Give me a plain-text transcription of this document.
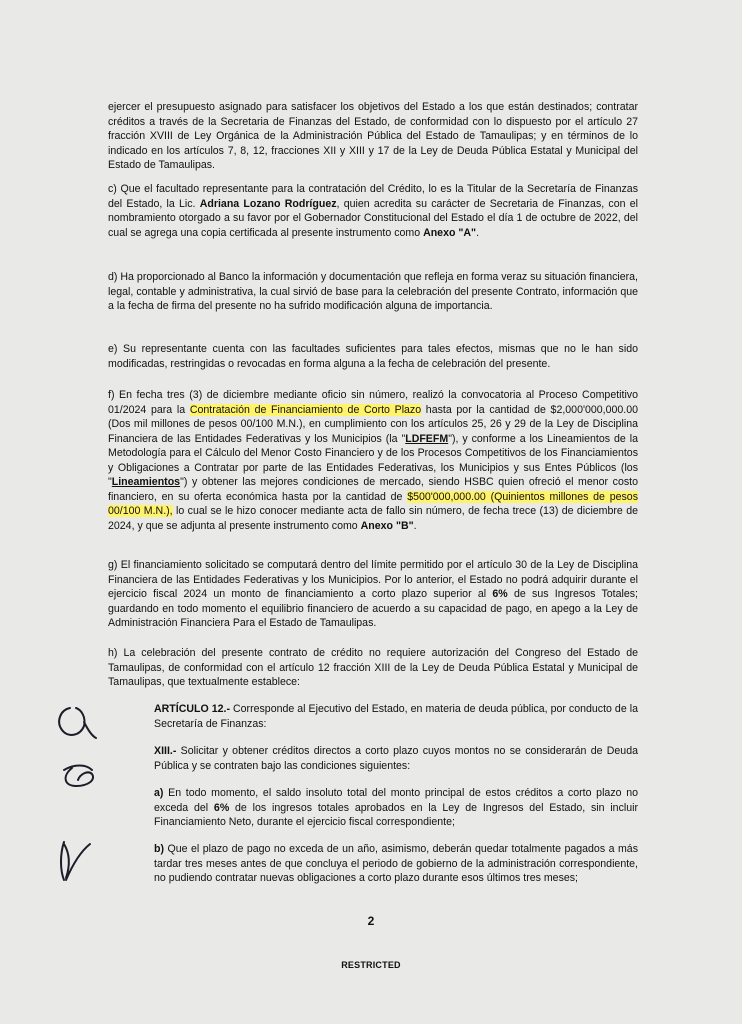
ejercer el presupuesto asignado para satisfacer los objetivos del Estado a los que están destinados; contratar créditos a través de la Secretaria de Finanzas del Estado, de conformidad con lo dispuesto por el artículo 27 fracción XVIII de Ley Orgánica de la Administración Pública del Estado de Tamaulipas; y en términos de lo indicado en los artículos 7, 8, 12, fracciones XII y XIII y 17 de la Ley de Deuda Pública Estatal y Municipal del Estado de Tamaulipas.

c) Que el facultado representante para la contratación del Crédito, lo es la Titular de la Secretaría de Finanzas del Estado, la Lic. Adriana Lozano Rodríguez, quien acredita su carácter de Secretaria de Finanzas, con el nombramiento otorgado a su favor por el Gobernador Constitucional del Estado el día 1 de octubre de 2022, del cual se agrega una copia certificada al presente instrumento como Anexo "A".

d) Ha proporcionado al Banco la información y documentación que refleja en forma veraz su situación financiera, legal, contable y administrativa, la cual sirvió de base para la celebración del presente Contrato, información que a la fecha de firma del presente no ha sufrido modificación alguna de importancia.

e) Su representante cuenta con las facultades suficientes para tales efectos, mismas que no le han sido modificadas, restringidas o revocadas en forma alguna a la fecha de celebración del presente.

f) En fecha tres (3) de diciembre mediante oficio sin número, realizó la convocatoria al Proceso Competitivo 01/2024 para la Contratación de Financiamiento de Corto Plazo hasta por la cantidad de $2,000'000,000.00 (Dos mil millones de pesos 00/100 M.N.), en cumplimiento con los artículos 25, 26 y 29 de la Ley de Disciplina Financiera de las Entidades Federativas y los Municipios (la "LDFEFM"), y conforme a los Lineamientos de la Metodología para el Cálculo del Menor Costo Financiero y de los Procesos Competitivos de los Financiamientos y Obligaciones a Contratar por parte de las Entidades Federativas, los Municipios y sus Entes Públicos (los "Lineamientos") y obtener las mejores condiciones de mercado, siendo HSBC quien ofreció el menor costo financiero, en su oferta económica hasta por la cantidad de $500'000,000.00 (Quinientos millones de pesos 00/100 M.N.), lo cual se le hizo conocer mediante acta de fallo sin número, de fecha trece (13) de diciembre de 2024, y que se adjunta al presente instrumento como Anexo "B".

g) El financiamiento solicitado se computará dentro del límite permitido por el artículo 30 de la Ley de Disciplina Financiera de las Entidades Federativas y los Municipios. Por lo anterior, el Estado no podrá adquirir durante el ejercicio fiscal 2024 un monto de financiamiento a corto plazo superior al 6% de sus Ingresos Totales; guardando en todo momento el equilibrio financiero de acuerdo a su capacidad de pago, en apego a la Ley de Administración Financiera Para el Estado de Tamaulipas.

h) La celebración del presente contrato de crédito no requiere autorización del Congreso del Estado de Tamaulipas, de conformidad con el artículo 12 fracción XIII de la Ley de Deuda Pública Estatal y Municipal de Tamaulipas, que textualmente establece:

ARTÍCULO 12.- Corresponde al Ejecutivo del Estado, en materia de deuda pública, por conducto de la Secretaría de Finanzas:

XIII.- Solicitar y obtener créditos directos a corto plazo cuyos montos no se considerarán de Deuda Pública y se contraten bajo las condiciones siguientes:

a) En todo momento, el saldo insoluto total del monto principal de estos créditos a corto plazo no exceda del 6% de los ingresos totales aprobados en la Ley de Ingresos del Estado, sin incluir Financiamiento Neto, durante el ejercicio fiscal correspondiente;

b) Que el plazo de pago no exceda de un año, asimismo, deberán quedar totalmente pagados a más tardar tres meses antes de que concluya el periodo de gobierno de la administración correspondiente, no pudiendo contratar nuevas obligaciones a corto plazo durante esos últimos tres meses;

2
RESTRICTED
